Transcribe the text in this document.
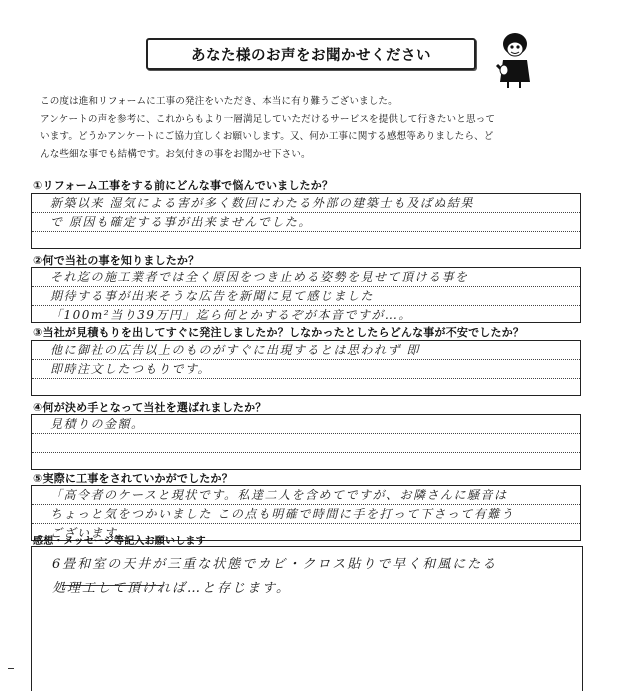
あなた様のお声をお聞かせください
この度は進和リフォームに工事の発注をいただき、本当に有り難うございました。
アンケートの声を参考に、これからもより一層満足していただけるサービスを提供して行きたいと思って
います。どうかアンケートにご協力宜しくお願いします。又、何か工事に関する感想等ありましたら、ど
んな些細な事でも結構です。お気付きの事をお聞かせ下さい。
①リフォーム工事をする前にどんな事で悩んでいましたか？
新築以来 湿気による害が多く数回にわたる外部の建築士も及ばぬ結果
で 原因も確定する事が出来ませんでした。
②何で当社の事を知りましたか？
それ迄の施工業者では全く原因をつき止める姿勢を見せて頂ける事を
期待する事が出来そうな広告を新聞に見て感じました
「100m²当り39万円」迄ら何とかするぞが本音ですが…。
③当社が見積もりを出してすぐに発注しましたか？しなかったとしたらどんな事が不安でしたか？
他に御社の広告以上のものがすぐに出現するとは思われず 即
即時注文したつもりです。
④何が決め手となって当社を選ばれましたか？
見積りの金額。
⑤実際に工事をされていかがでしたか？
「高令者のケースと現状です。私達二人を含めてですが、お隣さんに騒音は
ちょっと気をつかいました この点も明確で時間に手を打って下さって有難う
ございます。
感想・メッセージ等記入お願いします
6畳和室の天井が三重な状態でカビ・クロス貼りで早く和風にたる
処理工して頂ければ…と存じます。
